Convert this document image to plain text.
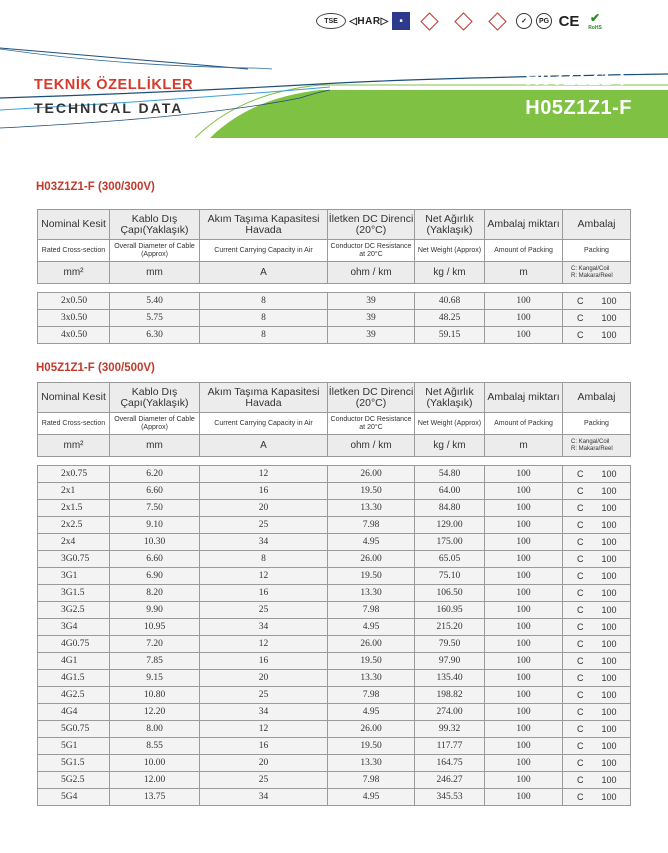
TSE	◁HAR▷	■	✓	PG CE ✔
RoHS
TEKNİK ÖZELLİKLER
TECHNICAL DATA
H03Z1Z1-F
H05Z1Z1-F
H03Z1Z1-F (300/300V)
Nominal Kesit	Kablo Dış Çapı(Yaklaşık)	Akım Taşıma Kapasitesi Havada	İletken DC Direnci (20°C)	Net Ağırlık (Yaklaşık)	Ambalaj miktarı	Ambalaj
Rated Cross-section	Overall Diameter of Cable (Approx)	Current Carrying Capacity in Air	Conductor DC Resistance at 20°C	Net Weight (Approx)	Amount of Packing	Packing
mm²	mm	A	ohm / km	kg / km	m	C: Kangal/Coil
R: Makara/Reel

2x0.50	5.40	8	39	40.68	100	C 100
3x0.50	5.75	8	39	48.25	100	C 100
4x0.50	6.30	8	39	59.15	100	C 100
H05Z1Z1-F (300/500V)
Nominal Kesit	Kablo Dış Çapı(Yaklaşık)	Akım Taşıma Kapasitesi Havada	İletken DC Direnci (20°C)	Net Ağırlık (Yaklaşık)	Ambalaj miktarı	Ambalaj
Rated Cross-section	Overall Diameter of Cable (Approx)	Current Carrying Capacity in Air	Conductor DC Resistance at 20°C	Net Weight (Approx)	Amount of Packing	Packing
mm²	mm	A	ohm / km	kg / km	m	C: Kangal/Coil
R: Makara/Reel

2x0.75	6.20	12	26.00	54.80	100	C 100
2x1	6.60	16	19.50	64.00	100	C 100
2x1.5	7.50	20	13.30	84.80	100	C 100
2x2.5	9.10	25	7.98	129.00	100	C 100
2x4	10.30	34	4.95	175.00	100	C 100
3G0.75	6.60	8	26.00	65.05	100	C 100
3G1	6.90	12	19.50	75.10	100	C 100
3G1.5	8.20	16	13.30	106.50	100	C 100
3G2.5	9.90	25	7.98	160.95	100	C 100
3G4	10.95	34	4.95	215.20	100	C 100
4G0.75	7.20	12	26.00	79.50	100	C 100
4G1	7.85	16	19.50	97.90	100	C 100
4G1.5	9.15	20	13.30	135.40	100	C 100
4G2.5	10.80	25	7.98	198.82	100	C 100
4G4	12.20	34	4.95	274.00	100	C 100
5G0.75	8.00	12	26.00	99.32	100	C 100
5G1	8.55	16	19.50	117.77	100	C 100
5G1.5	10.00	20	13.30	164.75	100	C 100
5G2.5	12.00	25	7.98	246.27	100	C 100
5G4	13.75	34	4.95	345.53	100	C 100
